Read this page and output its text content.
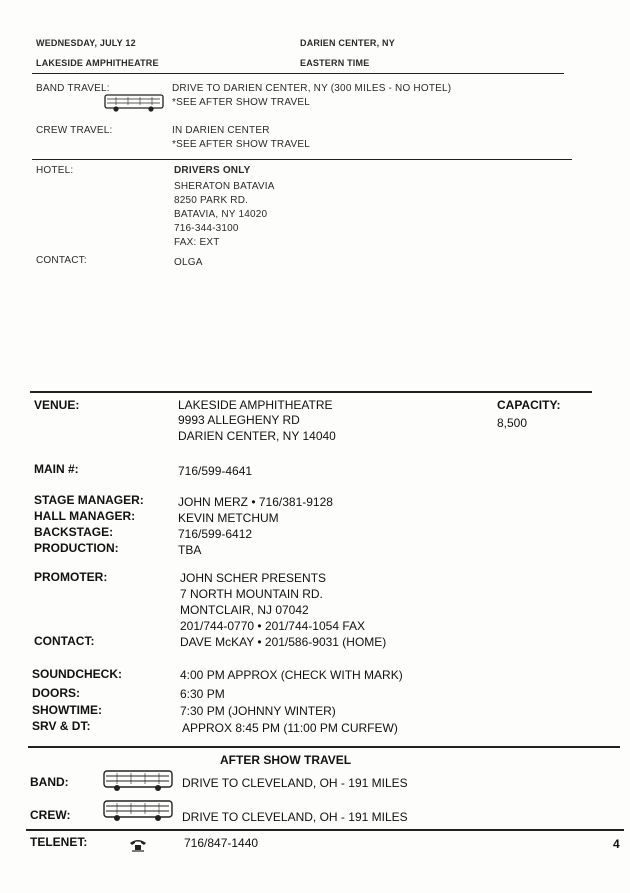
WEDNESDAY, JULY 12	DARIEN CENTER, NY
LAKESIDE AMPHITHEATRE	EASTERN TIME
BAND TRAVEL:	DRIVE TO DARIEN CENTER, NY (300 MILES - NO HOTEL)
*SEE AFTER SHOW TRAVEL
CREW TRAVEL:	IN DARIEN CENTER
*SEE AFTER SHOW TRAVEL
HOTEL:	DRIVERS ONLY
SHERATON BATAVIA
8250 PARK RD.
BATAVIA, NY 14020
716-344-3100
FAX: EXT
CONTACT:	OLGA
VENUE:	LAKESIDE AMPHITHEATRE
9993 ALLEGHENY RD
DARIEN CENTER, NY 14040
CAPACITY:
8,500
MAIN #:	716/599-4641
STAGE MANAGER:	JOHN MERZ • 716/381-9128
HALL MANAGER:	KEVIN METCHUM
BACKSTAGE:	716/599-6412
PRODUCTION:	TBA
PROMOTER:	JOHN SCHER PRESENTS
7 NORTH MOUNTAIN RD.
MONTCLAIR, NJ 07042
201/744-0770 • 201/744-1054 FAX
CONTACT:	DAVE McKAY • 201/586-9031 (HOME)
SOUNDCHECK:	4:00 PM APPROX (CHECK WITH MARK)
DOORS:	6:30 PM
SHOWTIME:	7:30 PM (JOHNNY WINTER)
SRV & DT:	APPROX 8:45 PM (11:00 PM CURFEW)
AFTER SHOW TRAVEL
BAND:	DRIVE TO CLEVELAND, OH - 191 MILES
CREW:	DRIVE TO CLEVELAND, OH - 191 MILES
TELENET:	716/847-1440	4
